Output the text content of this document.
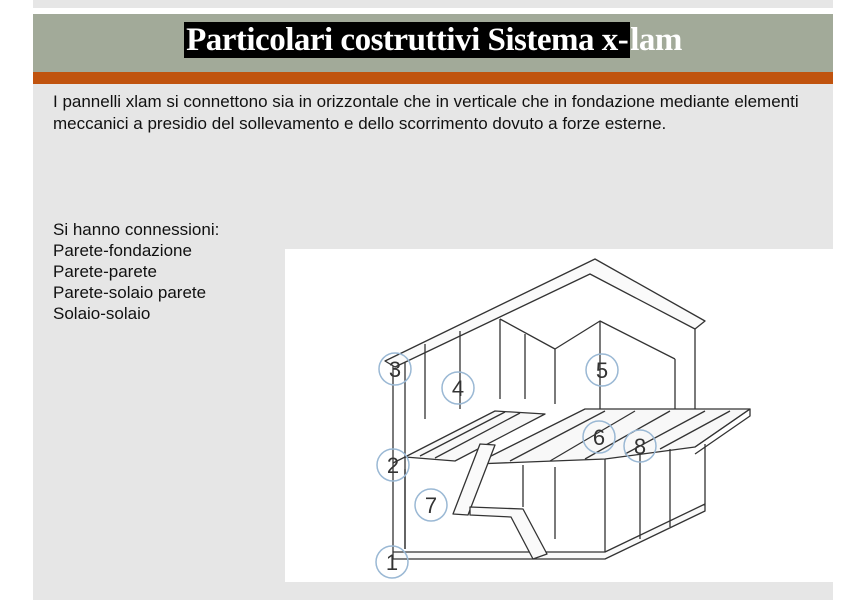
Particolari costruttivi Sistema x-lam
I pannelli xlam si connettono sia in orizzontale che in verticale che in fondazione mediante elementi meccanici a presidio del sollevamento e dello scorrimento dovuto a forze esterne.
Si hanno connessioni:
Parete-fondazione
Parete-parete
Parete-solaio parete
Solaio-solaio
1
2
3
4
5
6
7
8
